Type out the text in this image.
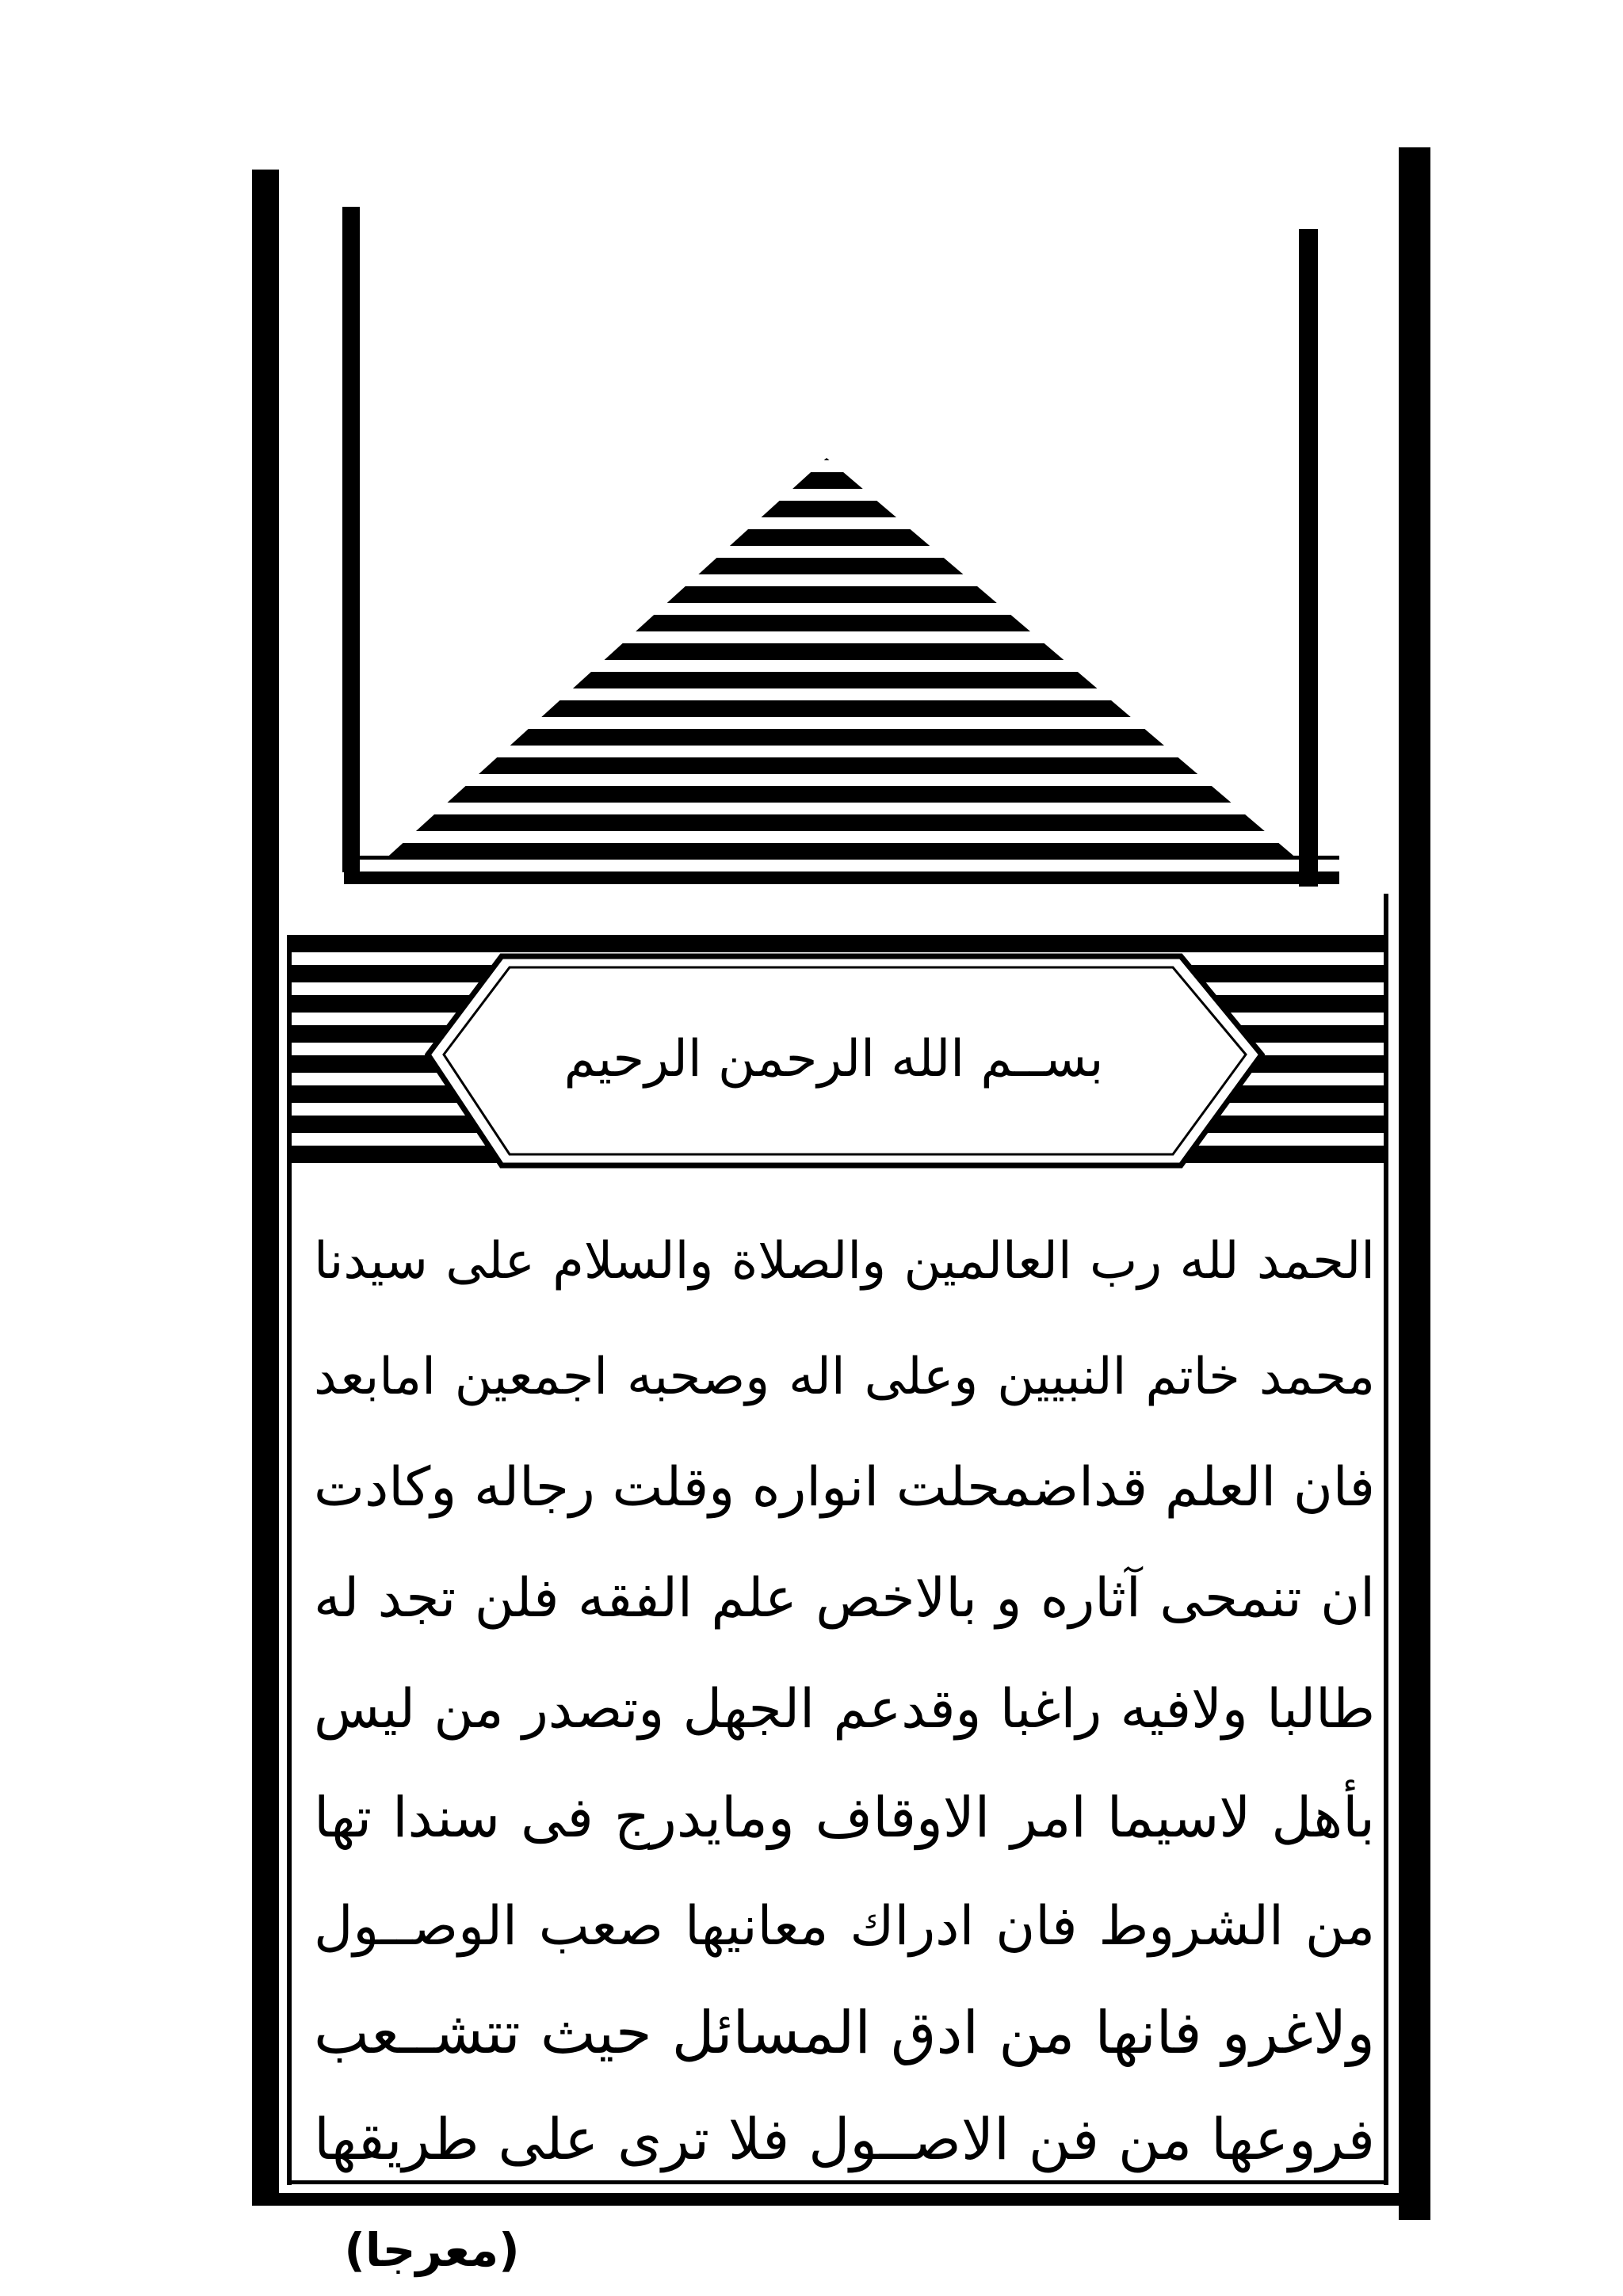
بســم الله الرحمن الرحيم
الحمد لله رب العالمين والصلاة والسلام على سيدنا
محمد خاتم النبيين وعلى اله وصحبه اجمعين امابعد
فان العلم قداضمحلت انواره وقلت رجاله وكادت
ان تنمحى آثاره و بالاخص علم الفقه فلن تجد له
طالبا ولافيه راغبا وقدعم الجهل وتصدر من ليس
بأهل لاسيما امر الاوقاف ومايدرج فى سندا تها
من الشروط فان ادراك معانيها صعب الوصــول
ولاغرو فانها من ادق المسائل حيث تتشــعب
فروعها من فن الاصــول فلا ترى على طريقها
(معرجا)
